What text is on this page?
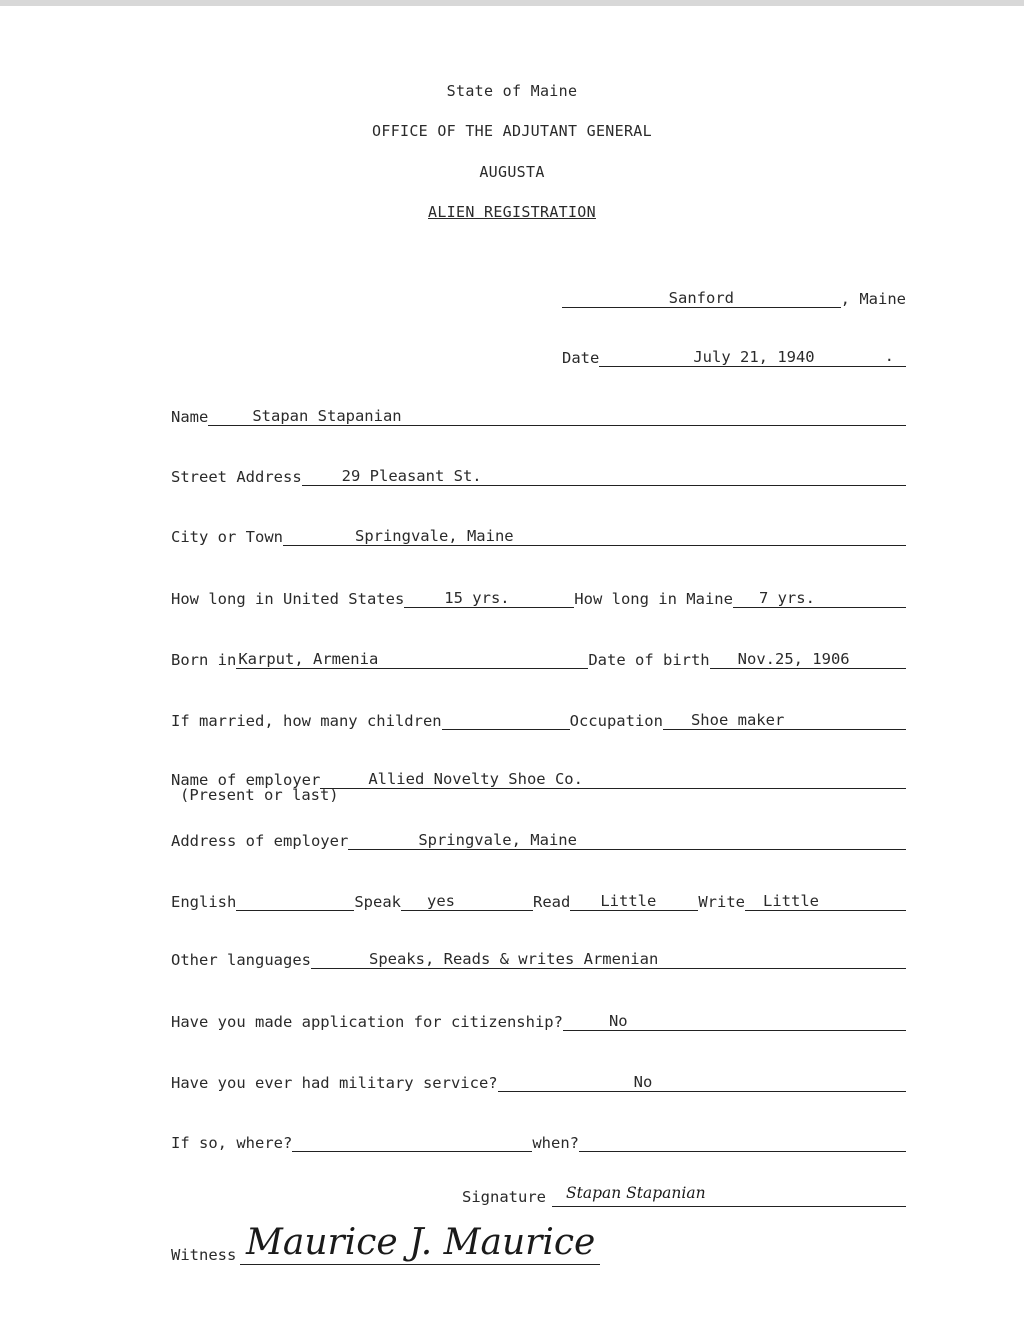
State of Maine
OFFICE OF THE ADJUTANT GENERAL
AUGUSTA
ALIEN REGISTRATION
Sanford	, Maine
Date	July 21, 1940	.
Name	Stapan Stapanian
Street Address	29 Pleasant St.
City or Town	Springvale, Maine
How long in United States	15 yrs.	How long in Maine	7 yrs.
Born in Karput, Armenia	Date of birth	Nov.25, 1906
If married, how many children	Occupation	Shoe maker
Name of employer	Allied Novelty Shoe Co.
(Present or last)
Address of employer	Springvale, Maine
English	Speak	yes	Read	Little	Write	Little
Other languages	Speaks, Reads & writes Armenian
Have you made application for citizenship?	No
Have you ever had military service?	No
If so, where?	when?
Signature Stapan Stapanian
Witness Maurice J. Maurice
